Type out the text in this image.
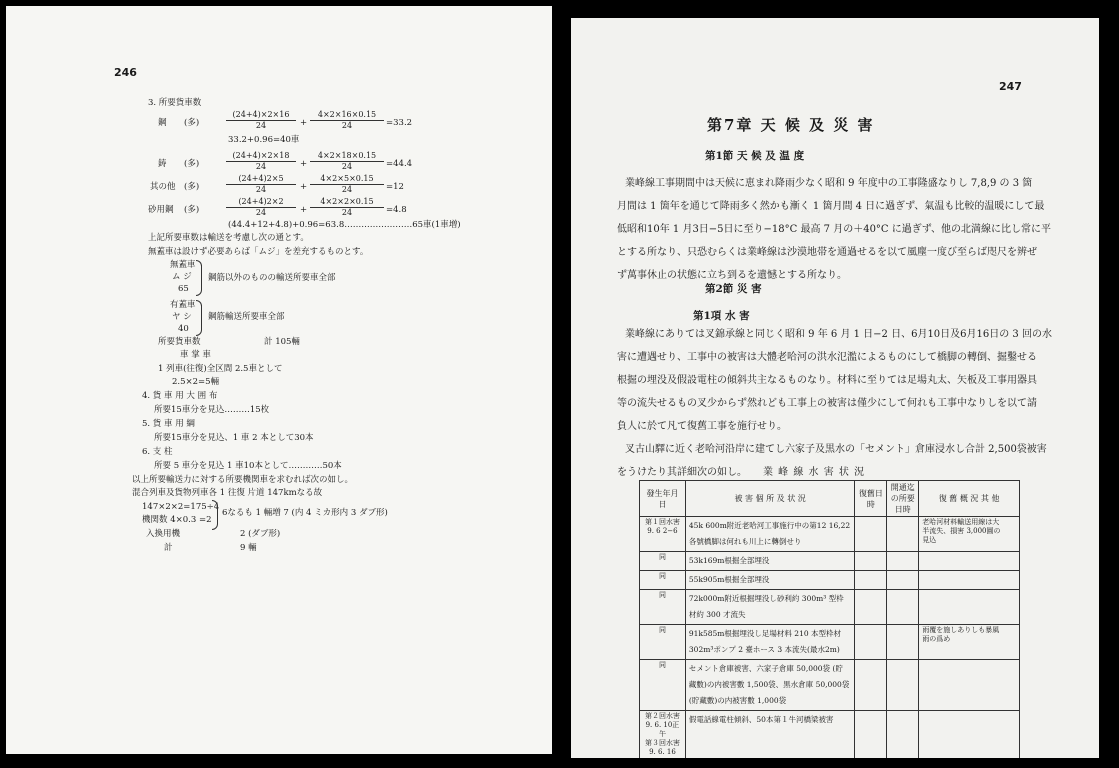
246
3. 所要貨車数
鋼 (多)	$\frac{(24+4)\times 2\times 16}{24} + \frac{4\times 2\times 16\times 0.15}{24} =33.2$
33.2+0.96=40車
鋳 (多)	$\frac{(24+4)\times 2\times 18}{24} + \frac{4\times 2\times 18\times 0.15}{24} =44.4$
其の他 (多)	$\frac{(24+4)2\times 5}{24} + \frac{4\times 2\times 5\times 0.15}{24} =12$
砂用鋼 (多)	$\frac{(24+4)2\times 2}{24} + \frac{4\times 2\times 2\times 0.15}{24} =4.8$
(44.4+12+4.8)+0.96=63.8……………………65車(1車増)
上記所要車数は輸送を考慮し次の通とす。
無蓋車は設けず必要あらば「ムジ」を差充するものとす。
無蓋車
ム ジ
65
鋼筋以外のものの輸送所要車全部
有蓋車
ヤ シ
40
鋼筋輸送所要車全部
所要貨車数	計 105輛
車 掌 車
1 列車(往復)全区間 2.5車として
2.5×2=5輛
4. 貨 車 用 大 囲 布
所要15車分を見込………15枚
5. 貨 車 用 綱
所要15車分を見込、1 車 2 本として30本
6. 支 柱
所要 5 車分を見込 1 車10本として…………50本
以上所要輸送力に対する所要機関車を求むれば次の如し。
混合列車及貨物列車各 1 往復 片道 147kmなる故
147×2×2=175÷4
機関数 4×0.3 =2
6なるも 1 輛増 7 (内 4 ミカ形内 3 ダブ形)
入換用機	2 (ダブ形)
計	9 輛
247
第7章 天 候 及 災 害
第1節 天 候 及 温 度
業峰線工事期間中は天候に恵まれ降雨少なく昭和 9 年度中の工事隆盛なりし 7,8,9 の 3 箇
月間は 1 箇年を通じて降雨多く然かも漸く 1 箇月間 4 日に過ぎず、氣温も比較的温暖にして最
低昭和10年 1 月3日−5日に至り−18°C 最高 7 月の＋40°C に過ぎず、他の北満線に比し常に平
とする所なり、只恐むらくは業峰線は沙漠地帯を通過せるを以て風塵一度び至らば咫尺を辨ぜ
ず萬事休止の状態に立ち到るを遺憾とする所なり。
第2節 災 害
第1項 水 害
業峰線にありては叉錦承線と同じく昭和 9 年 6 月 1 日−2 日、6月10日及6月16日の 3 回の水
害に遭遇せり、工事中の被害は大體老哈河の洪水氾濫によるものにして橋脚の轉倒、掘鑿せる
根掘の埋没及假設電柱の傾斜共主なるものなり。材料に至りては足場丸太、矢板及工事用器具
等の流失せるもの叉少からず然れども工事上の被害は僅少にして何れも工事中なりしを以て請
負人に於て凡て復舊工事を施行せり。
叉古山驛に近く老哈河沿岸に建てし六家子及黒水の「セメント」倉庫浸水し合計 2,500袋被害
をうけたり其詳細次の如し。 業 峰 線 水 害 状 況
發生年月日	被 害 個 所 及 状 況	復舊日時	開通迄の所要日時	復 舊 概 況 其 他
第１回水害
9. 6 2−6	45k 600m附近老哈河工事施行中の第12 16,22
各號橋脚は何れも川上に轉倒せり			老哈河材料輸送用線は大
半流失、損害 3,000圓の
見込
同	53k169m根掘全部埋没			
同	55k905m根掘全部埋没			
同	72k000m附近根掘埋没し砂利約 300m³ 型枠
材約 300 才流失			
同	91k585m根掘埋没し足場材料 210 本型枠材
302m³ポンプ 2 臺ホース 3 本流失(最水2m)			雨覆を施しありしも暴風
雨の爲め
同	セメント倉庫被害、六家子倉庫 50,000袋 (貯
藏數)の内被害數 1,500袋、黒水倉庫 50,000袋
(貯藏數)の内被害數 1,000袋			
第２回水害
9. 6. 10正午
第３回水害
9. 6. 16	假電話線電柱傾斜、50本第１牛河橋梁被害			
